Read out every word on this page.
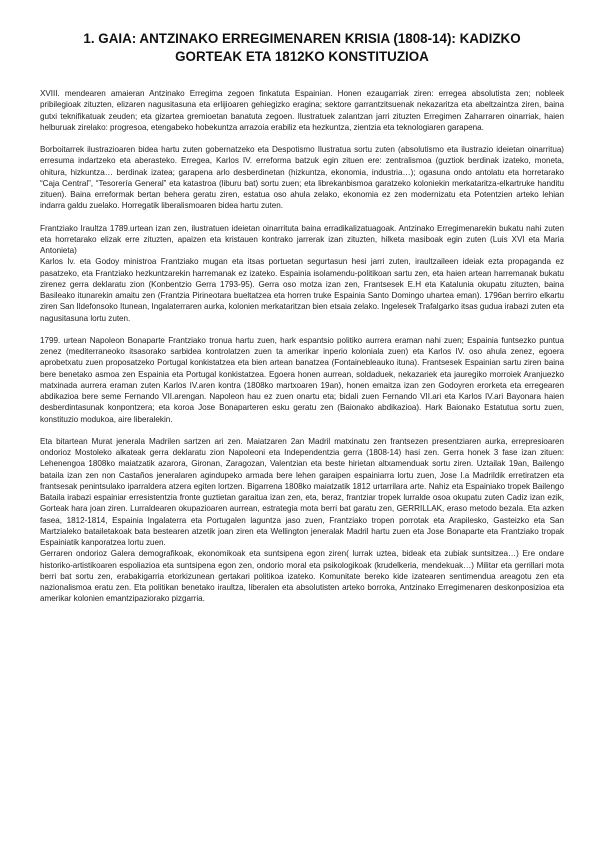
1. GAIA: ANTZINAKO ERREGIMENAREN KRISIA (1808-14): KADIZKO
GORTEAK ETA 1812KO KONSTITUZIOA

XVIII. mendearen amaieran Antzinako Erregima zegoen finkatuta Espainian. Honen ezaugarriak ziren: erregea absolutista zen; nobleek pribilegioak zituzten, elizaren nagusitasuna eta erlijioaren gehiegizko eragina; sektore garrantzitsuenak nekazaritza eta abeltzaintza ziren, baina gutxi teknifikatuak zeuden; eta gizartea gremioetan banatuta zegoen. Ilustratuek zalantzan jarri zituzten Erregimen Zaharraren oinarriak, haien helburuak zirelako: progresoa, etengabeko hobekuntza arrazoia erabiliz eta hezkuntza, zientzia eta teknologiaren garapena.

Borboitarrek ilustrazioaren bidea hartu zuten gobernatzeko eta Despotismo Ilustratua sortu zuten (absolutismo eta ilustrazio ideietan oinarritua) erresuma indartzeko eta aberasteko. Erregea, Karlos IV. erreforma batzuk egin zituen ere: zentralismoa (guztiok berdinak izateko, moneta, ohitura, hizkuntza… berdinak izatea; garapena arlo desberdinetan (hizkuntza, ekonomia, industria…); ogasuna ondo antolatu eta horretarako “Caja Central”, “Tesorería General” eta katastroa (liburu bat) sortu zuen; eta librekanbismoa garatzeko koloniekin merkataritza-elkartruke handitu zituen). Baina erreformak bertan behera geratu ziren, estatua oso ahula zelako, ekonomia ez zen modernizatu eta Potentzien arteko lehian indarra galdu zuelako. Horregatik liberalismoaren bidea hartu zuten.

Frantziako Iraultza 1789.urtean izan zen, ilustratuen ideietan oinarrituta baina erradikalizatuagoak. Antzinako Erregimenarekin bukatu nahi zuten eta horretarako elizak erre zituzten, apaizen eta kristauen kontrako jarrerak izan zituzten, hilketa masiboak egin zuten (Luis XVI eta Maria Antonieta)

Karlos Iv. eta Godoy ministroa Frantziako mugan eta itsas portuetan segurtasun hesi jarri zuten, iraultzaileen ideiak ezta propaganda ez pasatzeko, eta Frantziako hezkuntzarekin harremanak ez izateko. Espainia isolamendu-politikoan sartu zen, eta haien artean harremanak bukatu zirenez gerra deklaratu zion (Konbentzio Gerra 1793-95). Gerra oso motza izan zen, Frantsesek E.H eta Katalunia okupatu zituzten, baina Basileako itunarekin amaitu zen (Frantzia Pirineotara bueltatzea eta horren truke Espainia Santo Domingo uhartea eman). 1796an berriro elkartu ziren San Ildefonsoko Itunean, Ingalaterraren aurka, kolonien merkataritzan bien etsaia zelako. Ingelesek Trafalgarko itsas gudua irabazi zuten eta nagusitasuna lortu zuten.

1799. urtean Napoleon Bonaparte Frantziako tronua hartu zuen, hark espantsio politiko aurrera eraman nahi zuen; Espainia funtsezko puntua zenez (mediterraneoko itsasorako sarbidea kontrolatzen zuen ta amerikar inperio koloniala zuen) eta Karlos IV. oso ahula zenez, egoera aprobetxatu zuen proposatzeko Portugal konkistatzea eta bien artean banatzea (Fontainebleauko ituna). Frantsesek Espainian sartu ziren baina bere benetako asmoa zen Espainia eta Portugal konkistatzea. Egoera honen aurrean, soldaduek, nekazariek eta jauregiko morroiek Aranjuezko matxinada aurrera eraman zuten Karlos IV.aren kontra (1808ko martxoaren 19an), honen emaitza izan zen Godoyren erorketa eta erregearen abdikazioa bere seme Fernando VII.arengan. Napoleon hau ez zuen onartu eta; bidali zuen Fernando VII.ari eta Karlos IV.ari Bayonara haien desberdintasunak konpontzera; eta koroa Jose Bonaparteren esku geratu zen (Baionako abdikazioa). Hark Baionako Estatutua sortu zuen, konstituzio modukoa, aire liberalekin.

Eta bitartean Murat jenerala Madrilen sartzen ari zen. Maiatzaren 2an Madril matxinatu zen frantsezen presentziaren aurka, errepresioaren ondorioz Mostoleko alkateak gerra deklaratu zion Napoleoni eta Independentzia gerra (1808-14) hasi zen. Gerra honek 3 fase izan zituen: Lehenengoa 1808ko maiatzatik azarora, Gironan, Zaragozan, Valentzian eta beste hirietan altxamenduak sortu ziren. Uztailak 19an, Bailengo bataila izan zen non Castaños jeneralaren agindupeko armada bere lehen garaipen espainiarra lortu zuen, Jose I.a Madrildik erretiratzen eta frantsesak penintsulako iparraldera atzera egiten lortzen. Bigarrena 1808ko maiatzatik 1812 urtarrilara arte. Nahiz eta Espainiako tropek Bailengo Bataila irabazi espainiar erresistentzia fronte guztietan garaitua izan zen, eta, beraz, frantziar tropek lurralde osoa okupatu zuten Cadiz izan ezik, Gorteak hara joan ziren. Lurraldearen okupazioaren aurrean, estrategia mota berri bat garatu zen, GERRILLAK, eraso metodo bezala. Eta azken fasea, 1812-1814, Espainia Ingalaterra eta Portugalen laguntza jaso zuen, Frantziako tropen porrotak eta Arapilesko, Gasteizko eta San Martzialeko batailetakoak bata bestearen atzetik joan ziren eta Wellington jeneralak Madril hartu zuen eta Jose Bonaparte eta Frantziako tropak Espainiatik kanporatzea lortu zuen.

Gerraren ondorioz Galera demografikoak, ekonomikoak eta suntsipena egon ziren( lurrak uztea, bideak eta zubiak suntsitzea…) Ere ondare historiko-artistikoaren espoliazioa eta suntsipena egon zen, ondorio moral eta psikologikoak (krudelkeria, mendekuak…) Militar eta gerrillari mota berri bat sortu zen, erabakigarria etorkizunean gertakari politikoa izateko. Komunitate bereko kide izatearen sentimendua areagotu zen eta nazionalismoa eratu zen. Eta politikan benetako iraultza, liberalen eta absolutisten arteko borroka, Antzinako Erregimenaren deskonposizioa eta amerikar kolonien emantzipaziorako pizgarria.
